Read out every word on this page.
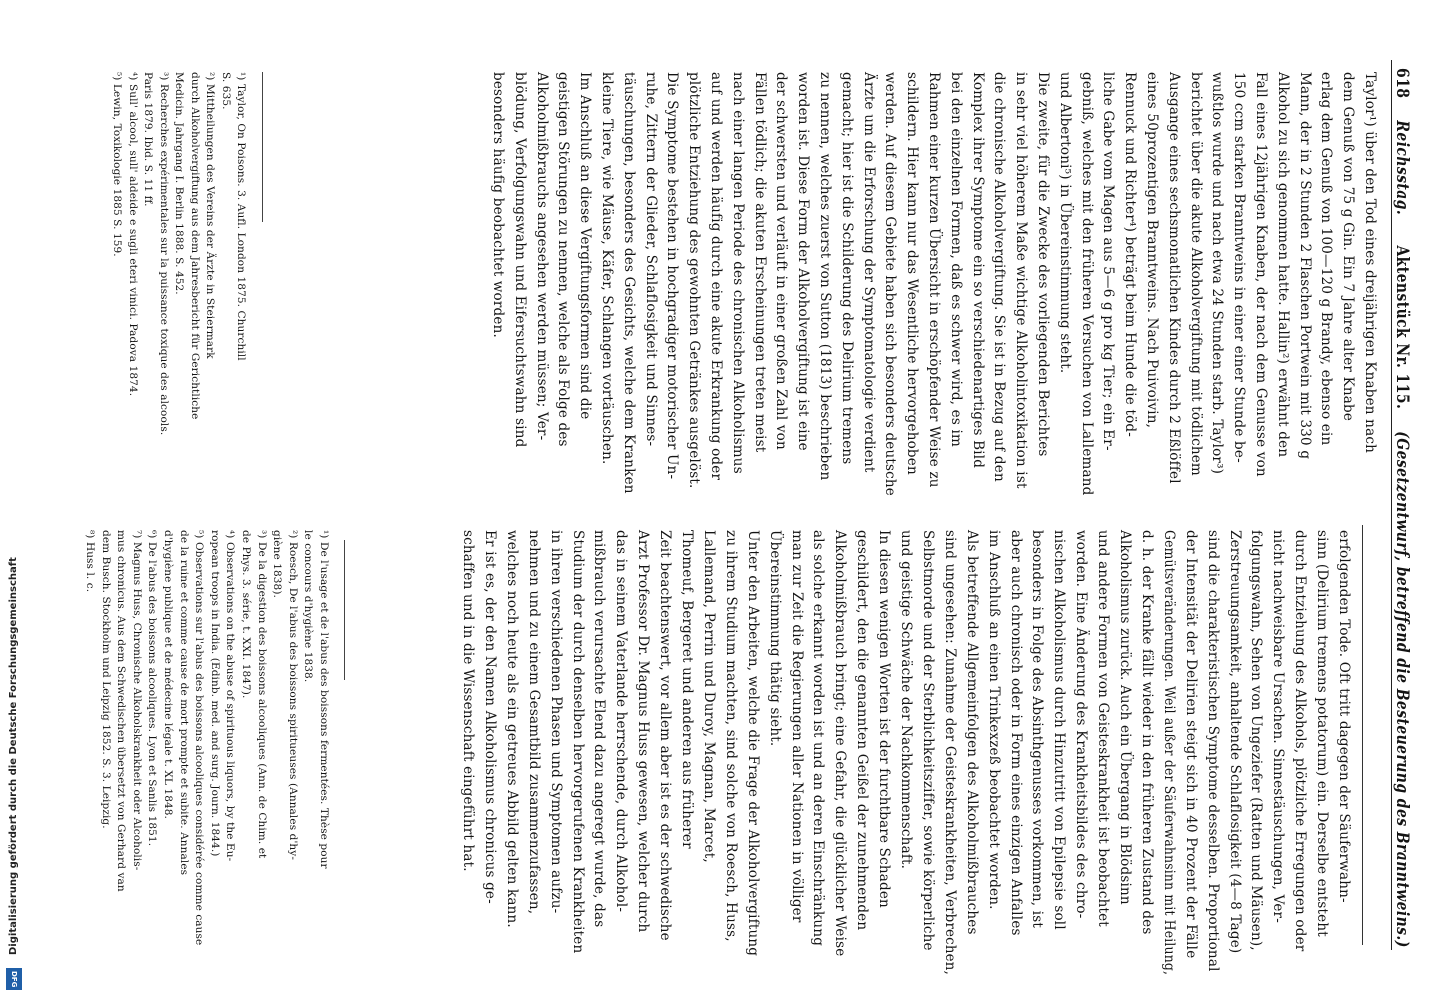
Digitalisierung gefördert durch die Deutsche Forschungsgemeinschaft
DFG
618  Reichsstag.  Aktenstück Nr. 115.  (Gesetzentwurf, betreffend die Besteuerung des Branntweins.)
Taylor¹) über den Tod eines dreijährigen Knaben nach
dem Genuß von 75 g Gin. Ein 7 Jahre alter Knabe
erlag dem Genuß von 100—120 g Brandy, ebenso ein
Mann, der in 2 Stunden 2 Flaschen Portwein mit 330 g
Alkohol zu sich genommen hatte. Hallin²) erwähnt den
Fall eines 12jährigen Knaben, der nach dem Genusse von
150 ccm starken Branntweins in einer einer Stunde be-
wußtlos wurde und nach etwa 24 Stunden starb. Taylor³)
berichtet über die akute Alkoholvergiftung mit tödlichem
Ausgange eines sechsmonatlichen Kindes durch 2 Eßlöffel
eines 50prozentigen Branntweins. Nach Puivoivin,
Rennuck und Richter⁴) beträgt beim Hunde die töd-
liche Gabe vom Magen aus 5—6 g pro kg Tier; ein Er-
gebniß, welches mit den früheren Versuchen von Lallemand
und Albertoni⁵) in Übereinstimmung steht.
Die zweite, für die Zwecke des vorliegenden Berichtes
in sehr viel höherem Maße wichtige Alkoholintoxikation ist
die chronische Alkoholvergiftung. Sie ist in Bezug auf den
Komplex ihrer Symptome ein so verschiedenartiges Bild
bei den einzelnen Formen, daß es schwer wird, es im
Rahmen einer kurzen Übersicht in erschöpfender Weise zu
schildern. Hier kann nur das Wesentliche hervorgehoben
werden. Auf diesem Gebiete haben sich besonders deutsche
Ärzte um die Erforschung der Symptomatologie verdient
gemacht; hier ist die Schilderung des Delirium tremens
zu nennen, welches zuerst von Sutton (1813) beschrieben
worden ist. Diese Form der Alkoholvergiftung ist eine
der schwersten und verläuft in einer großen Zahl von
Fällen tödlich; die akuten Erscheinungen treten meist
nach einer langen Periode des chronischen Alkoholismus
auf und werden häufig durch eine akute Erkrankung oder
plötzliche Entziehung des gewohnten Getränkes ausgelöst.
Die Symptome bestehen in hochgradiger motorischer Un-
ruhe, Zittern der Glieder, Schlaflosigkeit und Sinnes-
täuschungen, besonders des Gesichts, welche dem Kranken
kleine Tiere, wie Mäuse, Käfer, Schlangen vortäuschen.
Im Anschluß an diese Vergiftungsformen sind die
geistigen Störungen zu nennen, welche als Folge des
Alkoholmißbrauchs angesehen werden müssen; Ver-
blödung, Verfolgungswahn und Eifersuchtswahn sind
besonders häufig beobachtet worden.
erfolgenden Tode. Oft tritt dagegen der Säuferwahn-
sinn (Delirium tremens potatorum) ein. Derselbe entsteht
durch Entziehung des Alkohols, plötzliche Erregungen oder
nicht nachweisbare Ursachen. Sinnestäuschungen, Ver-
folgungswahn, Sehen von Ungeziefer (Ratten und Mäusen),
Zerstreuungsamkeit, anhaltende Schlaflosigkeit (4—8 Tage)
sind die charakteristischen Symptome desselben. Proportional
der Intensität der Delirien steigt sich in 40 Prozent der Fälle
Gemütsveränderungen. Weil außer der Säuferwahnsinn mit Heilung,
d. h. der Kranke fällt wieder in den früheren Zustand des
Alkoholismus zurück. Auch ein Übergang in Blödsinn
und andere Formen von Geisteskrankheit ist beobachtet
worden. Eine Änderung des Krankheitsbildes des chro-
nischen Alkoholismus durch Hinzutritt von Epilepsie soll
besonders in Folge des Absinthgenusses vorkommen, ist
aber auch chronisch oder in Form eines einzigen Anfalles
im Anschluß an einen Trinkexzeß beobachtet worden.
Als betreffende Allgemeinfolgen des Alkoholmißbrauches
sind ungesehen: Zunahme der Geisteskrankheiten, Verbrechen,
Selbstmorde und der Sterblichkeitsziffer, sowie körperliche
und geistige Schwäche der Nachkommenschaft.
In diesen wenigen Worten ist der furchtbare Schaden
geschildert, den die genannten Geißel der zunehmenden
Alkoholmißbrauch bringt; eine Gefahr, die glücklicher Weise
als solche erkannt worden ist und an deren Einschränkung
man zur Zeit die Regierungen aller Nationen in völliger
Übereinstimmung thätig sieht.
Unter den Arbeiten, welche die Frage der Alkoholvergiftung
zu ihrem Studium machten, sind solche von Roesch, Huss,
Lallemand, Perrin und Duroy, Magnan, Marcet,
Thomeuf, Bergeret und anderen aus früherer
Zeit beachtenswert, vor allem aber ist es der schwedische
Arzt Professor Dr. Magnus Huss gewesen, welcher durch
das in seinem Vaterlande herrschende, durch Alkohol-
mißbrauch verursachte Elend dazu angeregt wurde, das
Studium der durch denselben hervorgerufenen Krankheiten
in ihren verschiedenen Phasen und Symptomen aufzu-
nehmen und zu einem Gesamtbild zusammenzufassen,
welches noch heute als ein getreues Abbild gelten kann.
Er ist es, der den Namen Alkoholismus chronicus ge-
schaffen und in die Wissenschaft eingeführt hat.
¹) Taylor, On Poisons. 3. Aufl. London 1875. Churchill
S. 635.
²) Mittheilungen des Vereins der Ärzte in Steiermark
durch Alkoholvergiftung aus dem Jahresbericht für Gerichtliche
Medicin. Jahrgang I. Berlin 1888. S. 452.
³) Recherches expérimentales sur la puissance toxique des alcools.
Paris 1879. Ibid. S. 11 ff.
⁴) Sull' alcool, sull' aldeide e sugli eteri vinici. Padova 1874.
⁵) Lewin, Toxikologie 1885 S. 159.
¹) De l'usage et de l'abus des boissons fermentées. Thèse pour
le concours d'hygiène 1838.
²) Roesch, De l'abus des boissons spiritueuses (Annales d'hy-
giène 1838).
³) De la digestion des boissons alcooliques (Ann. de Chim. et
de Phys. 3. série, t. XXI. 1847).
⁴) Observations on the abuse of spirituous liquors, by the Eu-
ropean troops in India. (Edinb. med. and surg. Journ. 1844.)
⁵) Observations sur l'abus des boissons alcooliques considérée comme cause
de la ruine et comme cause de mort prompte et subite. Annales
d'hygiène publique et de médecine légale t. XL 1848.
⁶) De l'abus des boissons alcooliques. Lyon et Sanlis 1851.
⁷) Magnus Huss, Chronische Alkoholskrankheit oder Alcoholis-
mus chronicus. Aus dem Schwedischen übersetzt von Gerhard van
dem Busch. Stockholm und Leipzig 1852. S. 3. Leipzig.
⁸) Huss l. c.
